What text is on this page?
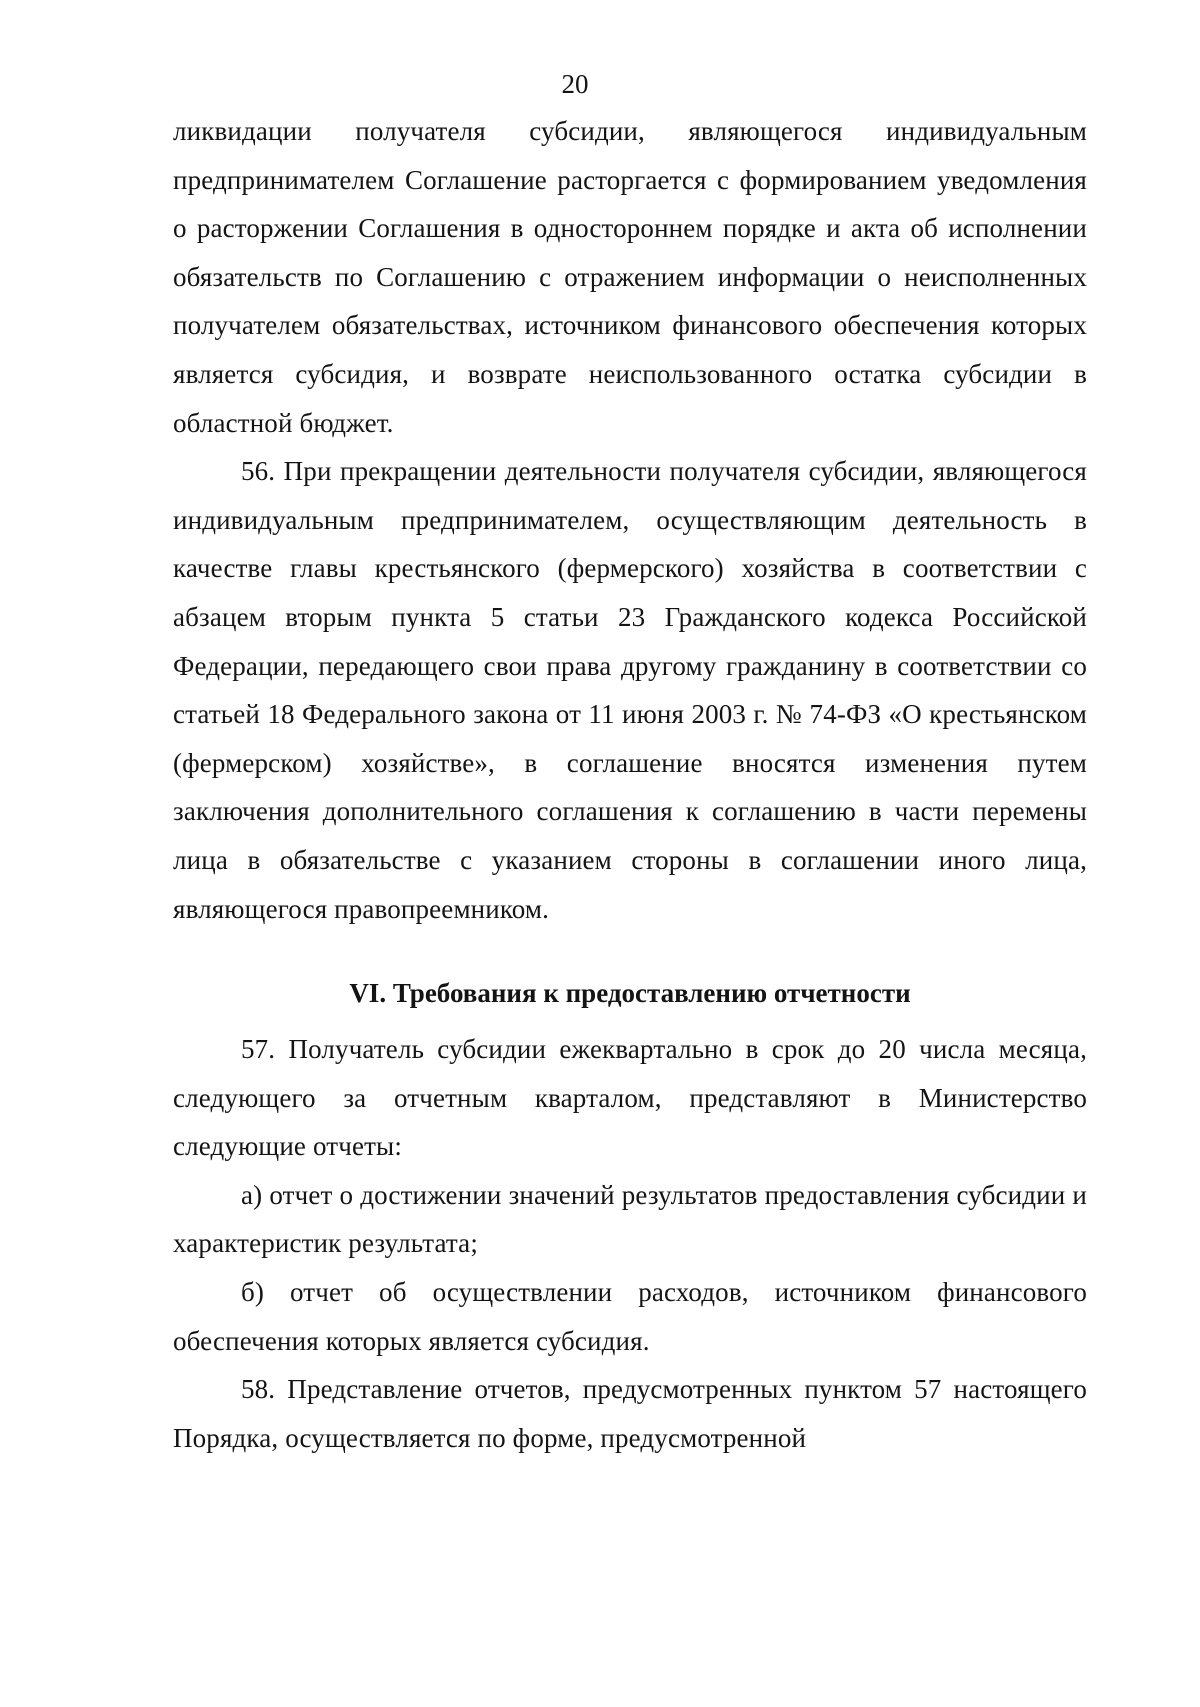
20

ликвидации получателя субсидии, являющегося индивидуальным предпринимателем Соглашение расторгается с формированием уведомления о расторжении Соглашения в одностороннем порядке и акта об исполнении обязательств по Соглашению с отражением информации о неисполненных получателем обязательствах, источником финансового обеспечения которых является субсидия, и возврате неиспользованного остатка субсидии в областной бюджет.

56. При прекращении деятельности получателя субсидии, являющегося индивидуальным предпринимателем, осуществляющим деятельность в качестве главы крестьянского (фермерского) хозяйства в соответствии с абзацем вторым пункта 5 статьи 23 Гражданского кодекса Российской Федерации, передающего свои права другому гражданину в соответствии со статьей 18 Федерального закона от 11 июня 2003 г. № 74-ФЗ «О крестьянском (фермерском) хозяйстве», в соглашение вносятся изменения путем заключения дополнительного соглашения к соглашению в части перемены лица в обязательстве с указанием стороны в соглашении иного лица, являющегося правопреемником.

VI. Требования к предоставлению отчетности

57. Получатель субсидии ежеквартально в срок до 20 числа месяца, следующего за отчетным кварталом, представляют в Министерство следующие отчеты:

а) отчет о достижении значений результатов предоставления субсидии и характеристик результата;

б) отчет об осуществлении расходов, источником финансового обеспечения которых является субсидия.

58. Представление отчетов, предусмотренных пунктом 57 настоящего Порядка, осуществляется по форме, предусмотренной
